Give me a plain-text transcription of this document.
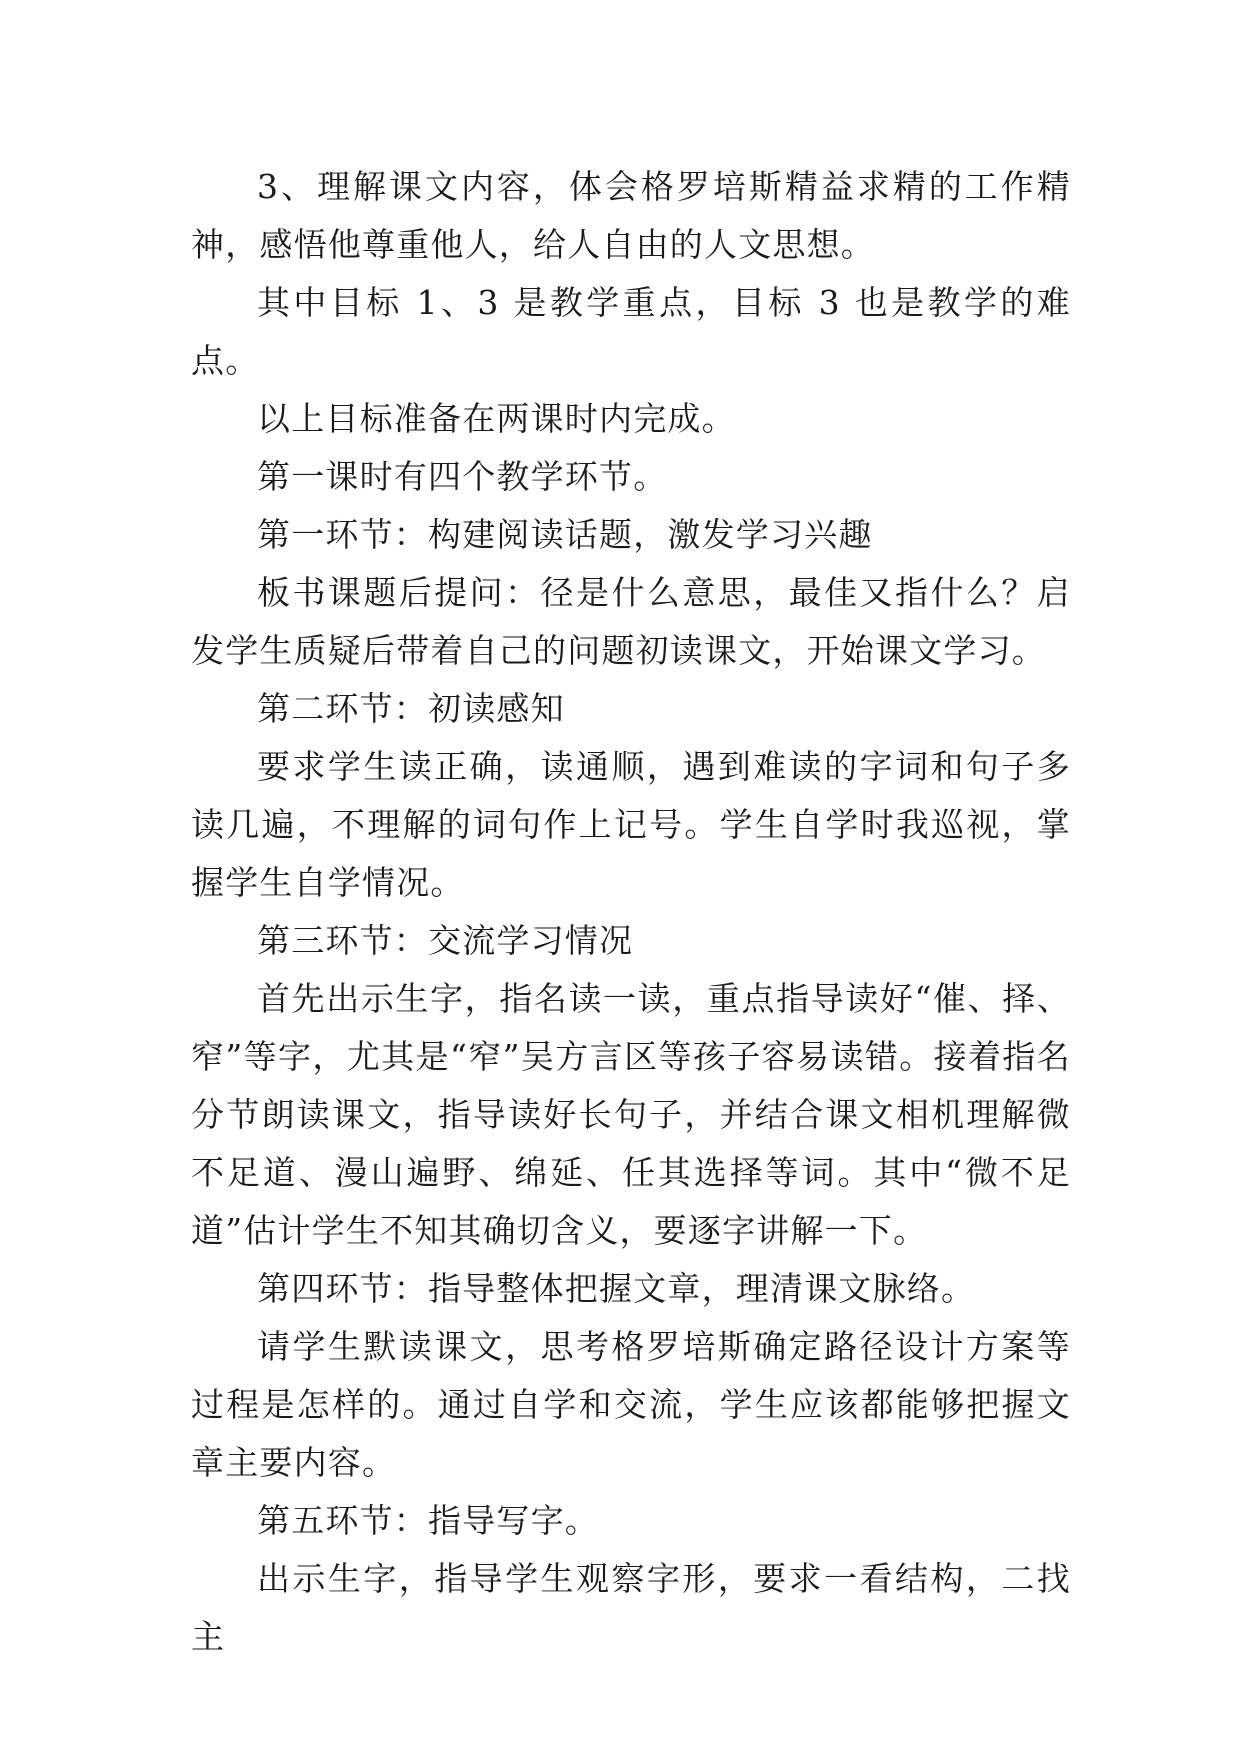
3、理解课文内容，体会格罗培斯精益求精的工作精神，感悟他尊重他人，给人自由的人文思想。

其中目标 1、3 是教学重点，目标 3 也是教学的难点。

以上目标准备在两课时内完成。

第一课时有四个教学环节。

第一环节：构建阅读话题，激发学习兴趣

板书课题后提问：径是什么意思，最佳又指什么？启发学生质疑后带着自己的问题初读课文，开始课文学习。

第二环节：初读感知

要求学生读正确，读通顺，遇到难读的字词和句子多读几遍，不理解的词句作上记号。学生自学时我巡视，掌握学生自学情况。

第三环节：交流学习情况

首先出示生字，指名读一读，重点指导读好“催、择、窄”等字，尤其是“窄”吴方言区等孩子容易读错。接着指名分节朗读课文，指导读好长句子，并结合课文相机理解微不足道、漫山遍野、绵延、任其选择等词。其中“微不足道”估计学生不知其确切含义，要逐字讲解一下。

第四环节：指导整体把握文章，理清课文脉络。

请学生默读课文，思考格罗培斯确定路径设计方案等过程是怎样的。通过自学和交流，学生应该都能够把握文章主要内容。

第五环节：指导写字。

出示生字，指导学生观察字形，要求一看结构，二找主
